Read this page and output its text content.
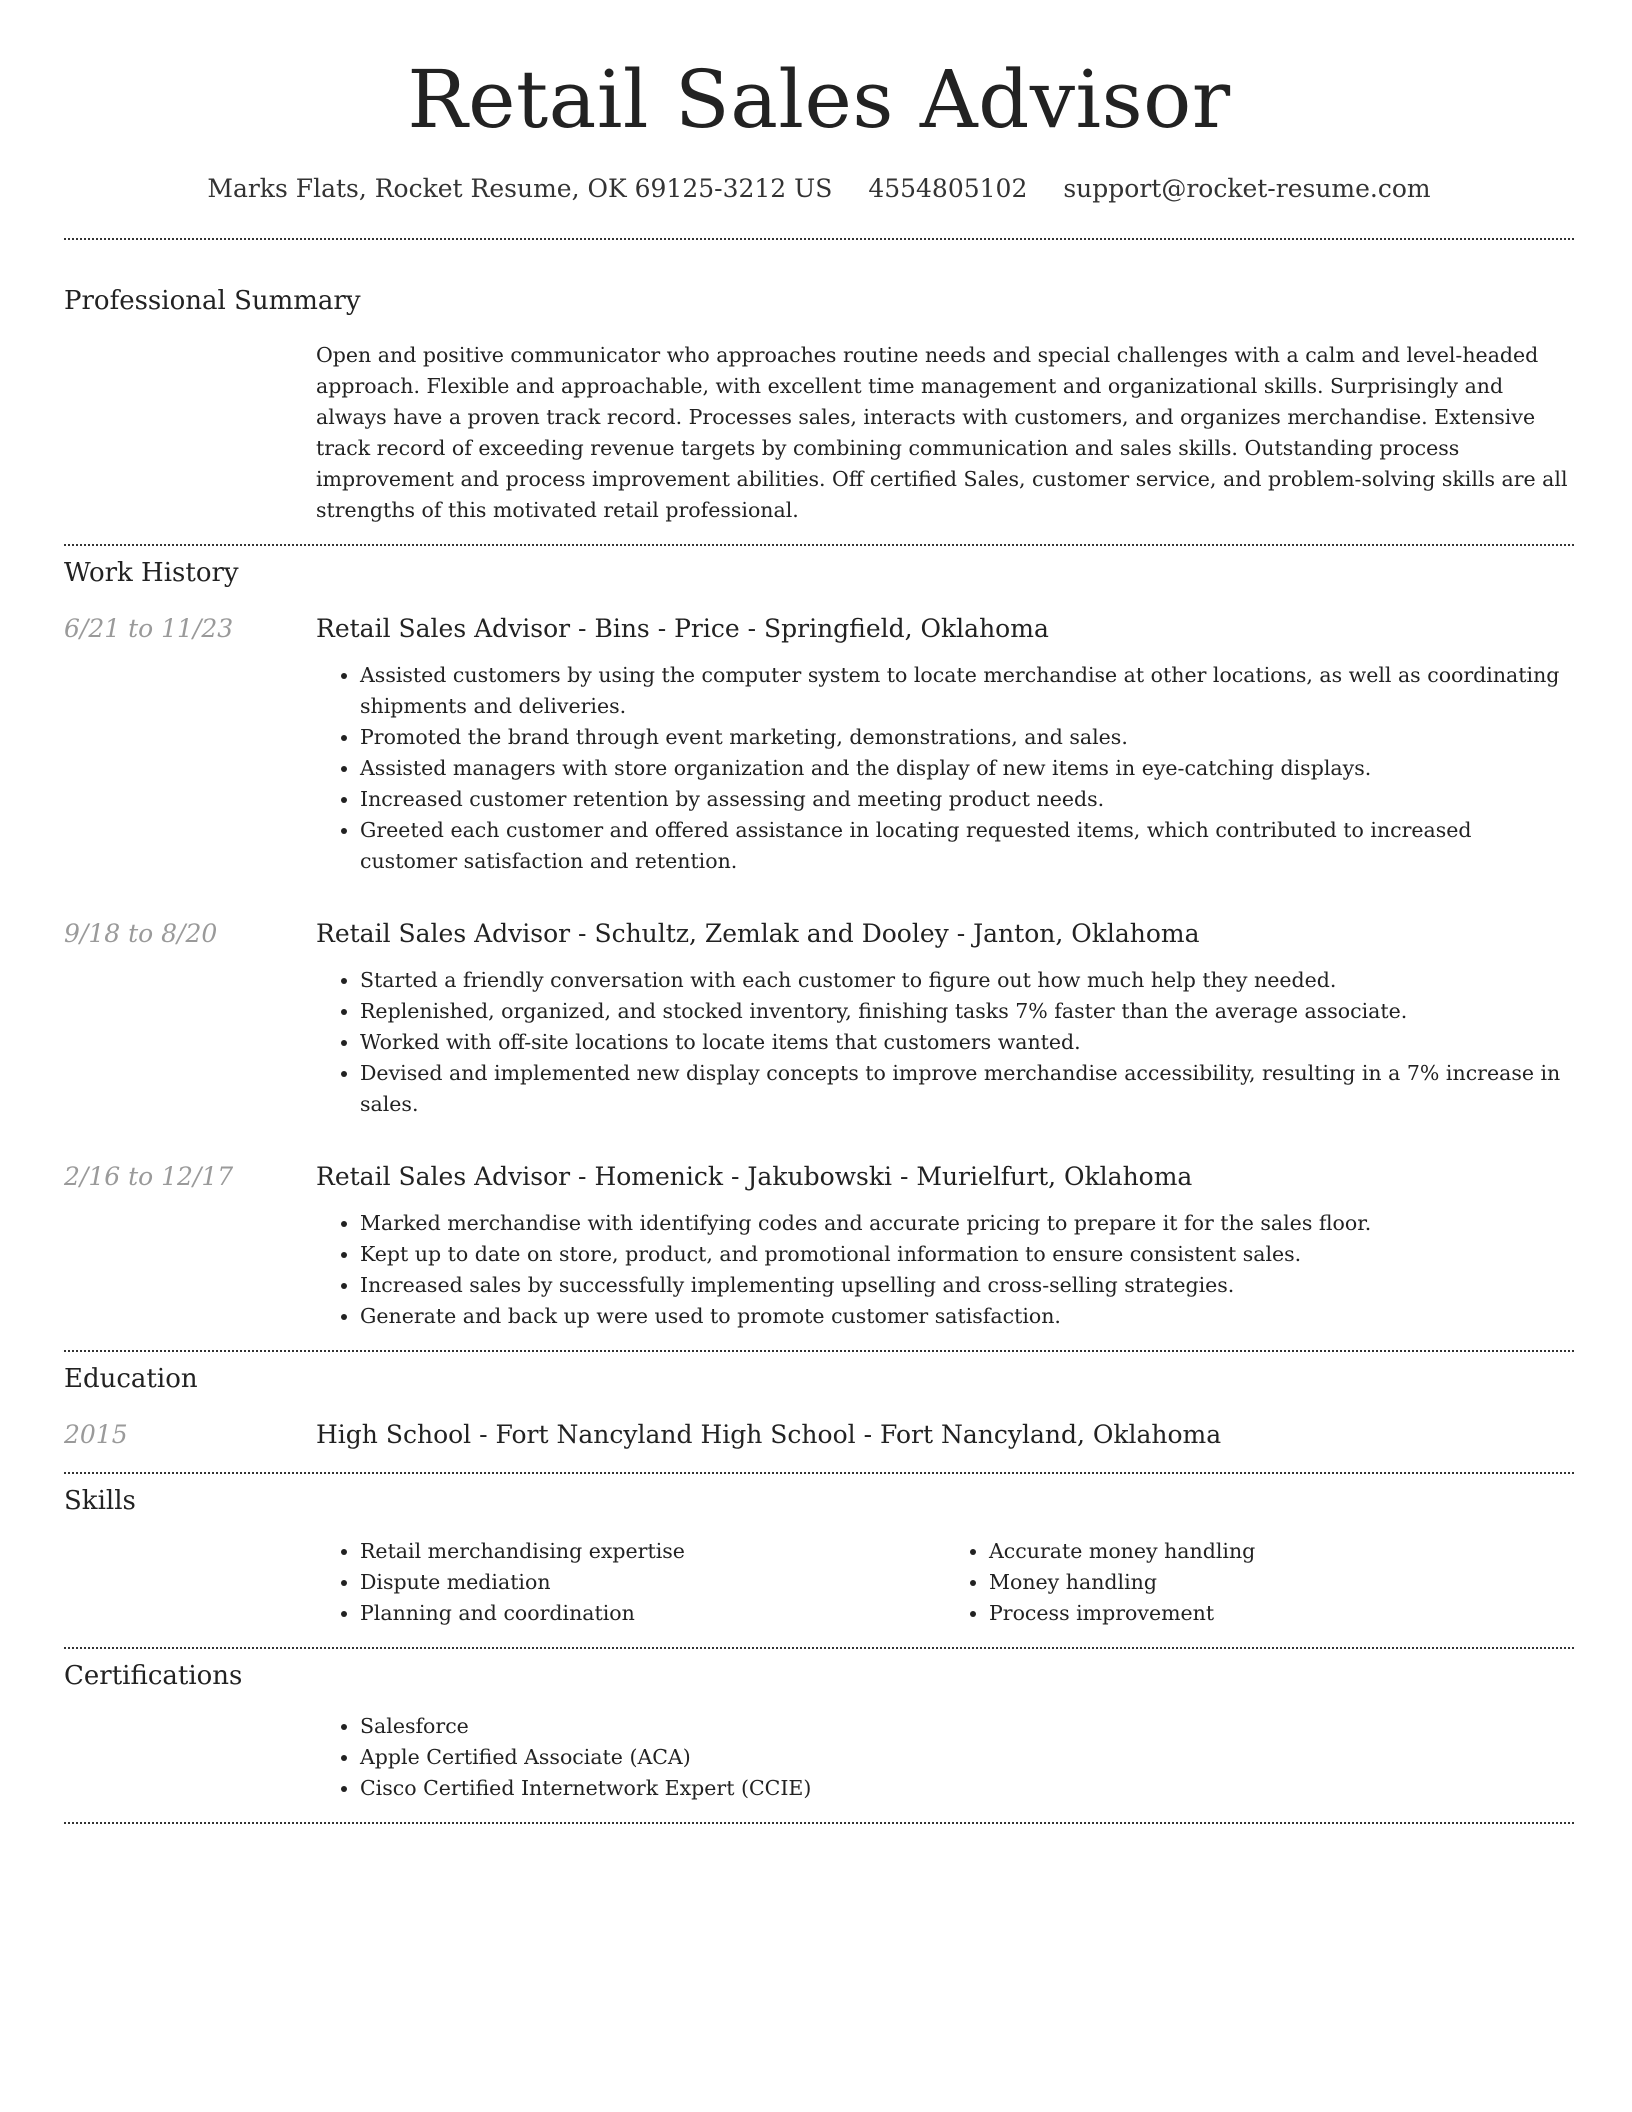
Retail Sales Advisor
Marks Flats, Rocket Resume, OK 69125-3212 US 4554805102 support@rocket-resume.com
Professional Summary

Open and positive communicator who approaches routine needs and special challenges with a calm and level-headed approach. Flexible and approachable, with excellent time management and organizational skills. Surprisingly and always have a proven track record. Processes sales, interacts with customers, and organizes merchandise. Extensive track record of exceeding revenue targets by combining communication and sales skills. Outstanding process improvement and process improvement abilities. Off certified Sales, customer service, and problem-solving skills are all strengths of this motivated retail professional.

Work History
6/21 to 11/23	Retail Sales Advisor - Bins - Price - Springfield, Oklahoma
• Assisted customers by using the computer system to locate merchandise at other locations, as well as coordinating shipments and deliveries.
• Promoted the brand through event marketing, demonstrations, and sales.
• Assisted managers with store organization and the display of new items in eye-catching displays.
• Increased customer retention by assessing and meeting product needs.
• Greeted each customer and offered assistance in locating requested items, which contributed to increased customer satisfaction and retention.
9/18 to 8/20	Retail Sales Advisor - Schultz, Zemlak and Dooley - Janton, Oklahoma
• Started a friendly conversation with each customer to figure out how much help they needed.
• Replenished, organized, and stocked inventory, finishing tasks 7% faster than the average associate.
• Worked with off-site locations to locate items that customers wanted.
• Devised and implemented new display concepts to improve merchandise accessibility, resulting in a 7% increase in sales.
2/16 to 12/17	Retail Sales Advisor - Homenick - Jakubowski - Murielfurt, Oklahoma
• Marked merchandise with identifying codes and accurate pricing to prepare it for the sales floor.
• Kept up to date on store, product, and promotional information to ensure consistent sales.
• Increased sales by successfully implementing upselling and cross-selling strategies.
• Generate and back up were used to promote customer satisfaction.
Education
2015	High School - Fort Nancyland High School - Fort Nancyland, Oklahoma
Skills
• Retail merchandising expertise
• Dispute mediation
• Planning and coordination
• Accurate money handling
• Money handling
• Process improvement
Certifications
• Salesforce
• Apple Certified Associate (ACA)
• Cisco Certified Internetwork Expert (CCIE)
